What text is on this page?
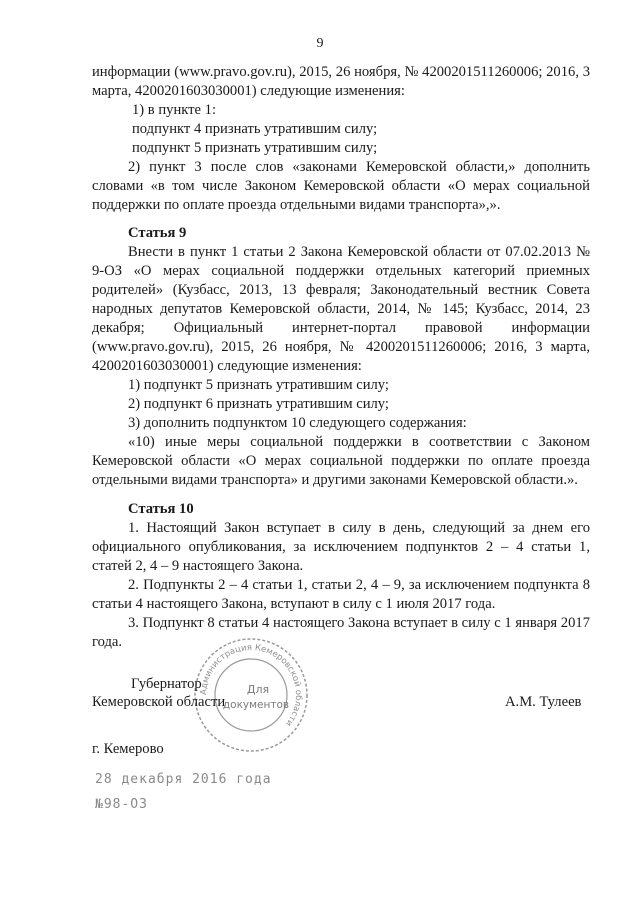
9

информации (www.pravo.gov.ru), 2015, 26 ноября, № 4200201511260006; 2016, 3 марта, 4200201603030001) следующие изменения:

1) в пункте 1:

подпункт 4 признать утратившим силу;

подпункт 5 признать утратившим силу;

2) пункт 3 после слов «законами Кемеровской области,» дополнить словами «в том числе Законом Кемеровской области «О мерах социальной поддержки по оплате проезда отдельными видами транспорта»,».

Статья 9

Внести в пункт 1 статьи 2 Закона Кемеровской области от 07.02.2013 № 9-ОЗ «О мерах социальной поддержки отдельных категорий приемных родителей» (Кузбасс, 2013, 13 февраля; Законодательный вестник Совета народных депутатов Кемеровской области, 2014, № 145; Кузбасс, 2014, 23 декабря; Официальный интернет-портал правовой информации (www.pravo.gov.ru), 2015, 26 ноября, № 4200201511260006; 2016, 3 марта, 4200201603030001) следующие изменения:

1) подпункт 5 признать утратившим силу;

2) подпункт 6 признать утратившим силу;

3) дополнить подпунктом 10 следующего содержания:

«10) иные меры социальной поддержки в соответствии с Законом Кемеровской области «О мерах социальной поддержки по оплате проезда отдельными видами транспорта» и другими законами Кемеровской области.».

Статья 10

1. Настоящий Закон вступает в силу в день, следующий за днем его официального опубликования, за исключением подпунктов 2 – 4 статьи 1, статей 2, 4 – 9 настоящего Закона.

2. Подпункты 2 – 4 статьи 1, статьи 2, 4 – 9, за исключением подпункта 8 статьи 4 настоящего Закона, вступают в силу с 1 июля 2017 года.

3. Подпункт 8 статьи 4 настоящего Закона вступает в силу с 1 января 2017 года.

Администрация Кемеровской области
Для
документов
Губернатор
Кемеровской области	А.М. Тулеев
г. Кемерово
28 декабря 2016 года
№98-ОЗ
